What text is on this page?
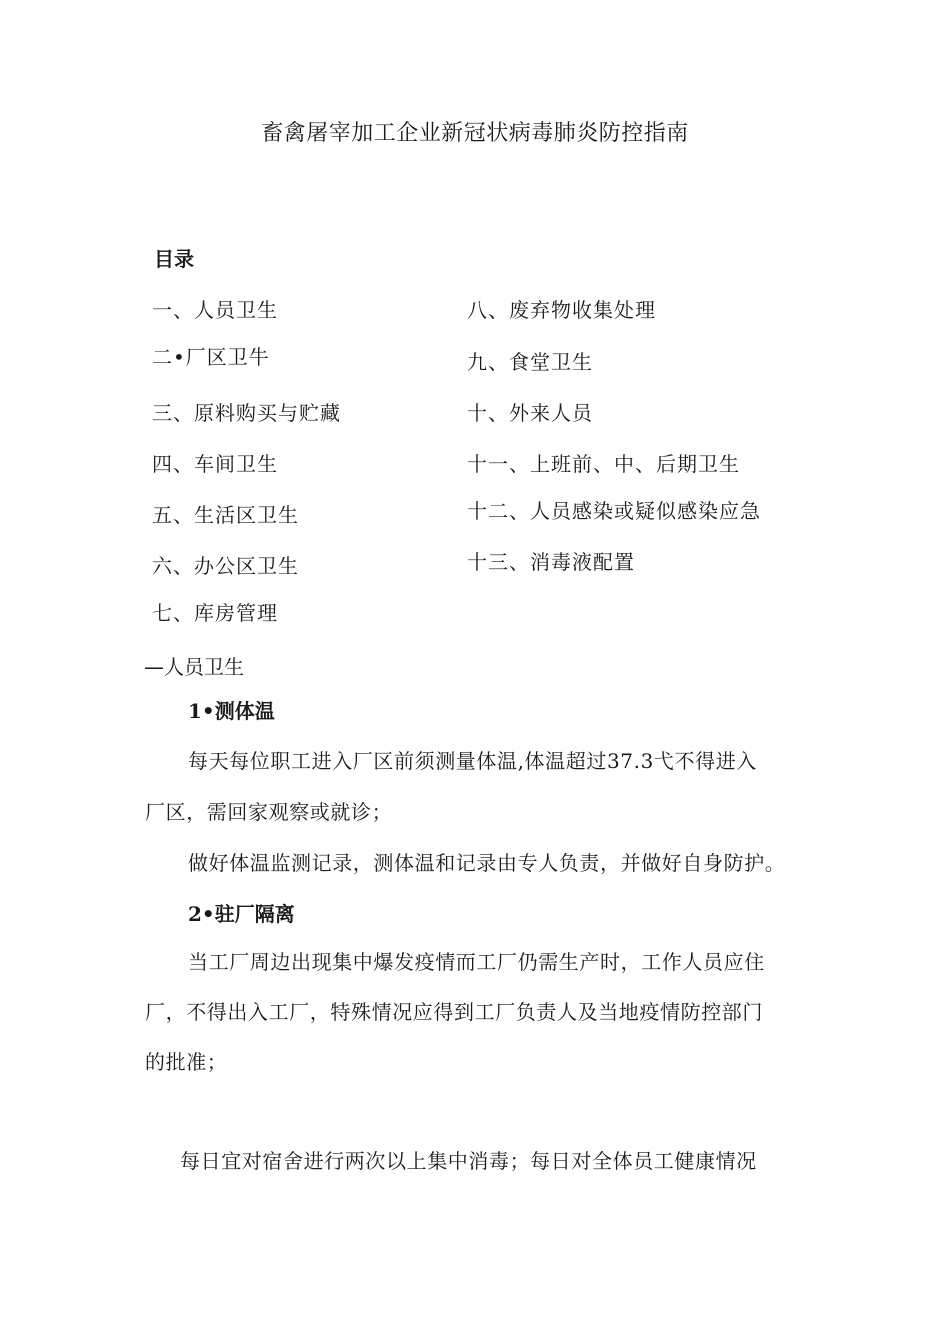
畜禽屠宰加工企业新冠状病毒肺炎防控指南
目录
一、人员卫生
二•厂区卫牛
三、原料购买与贮藏
四、车间卫生
五、生活区卫生
六、办公区卫生
七、库房管理
八、废弃物收集处理
九、食堂卫生
十、外来人员
十一、上班前、中、后期卫生
十二、人员感染或疑似感染应急
十三、消毒液配置
—人员卫生
1•测体温
每天每位职工进入厂区前须测量体温,体温超过37.3弋不得进入
厂区，需回家观察或就诊；
做好体温监测记录，测体温和记录由专人负责，并做好自身防护。
2•驻厂隔离
当工厂周边出现集中爆发疫情而工厂仍需生产时，工作人员应住
厂，不得出入工厂，特殊情况应得到工厂负责人及当地疫情防控部门
的批准；
每日宜对宿舍进行两次以上集中消毒；每日对全体员工健康情况
